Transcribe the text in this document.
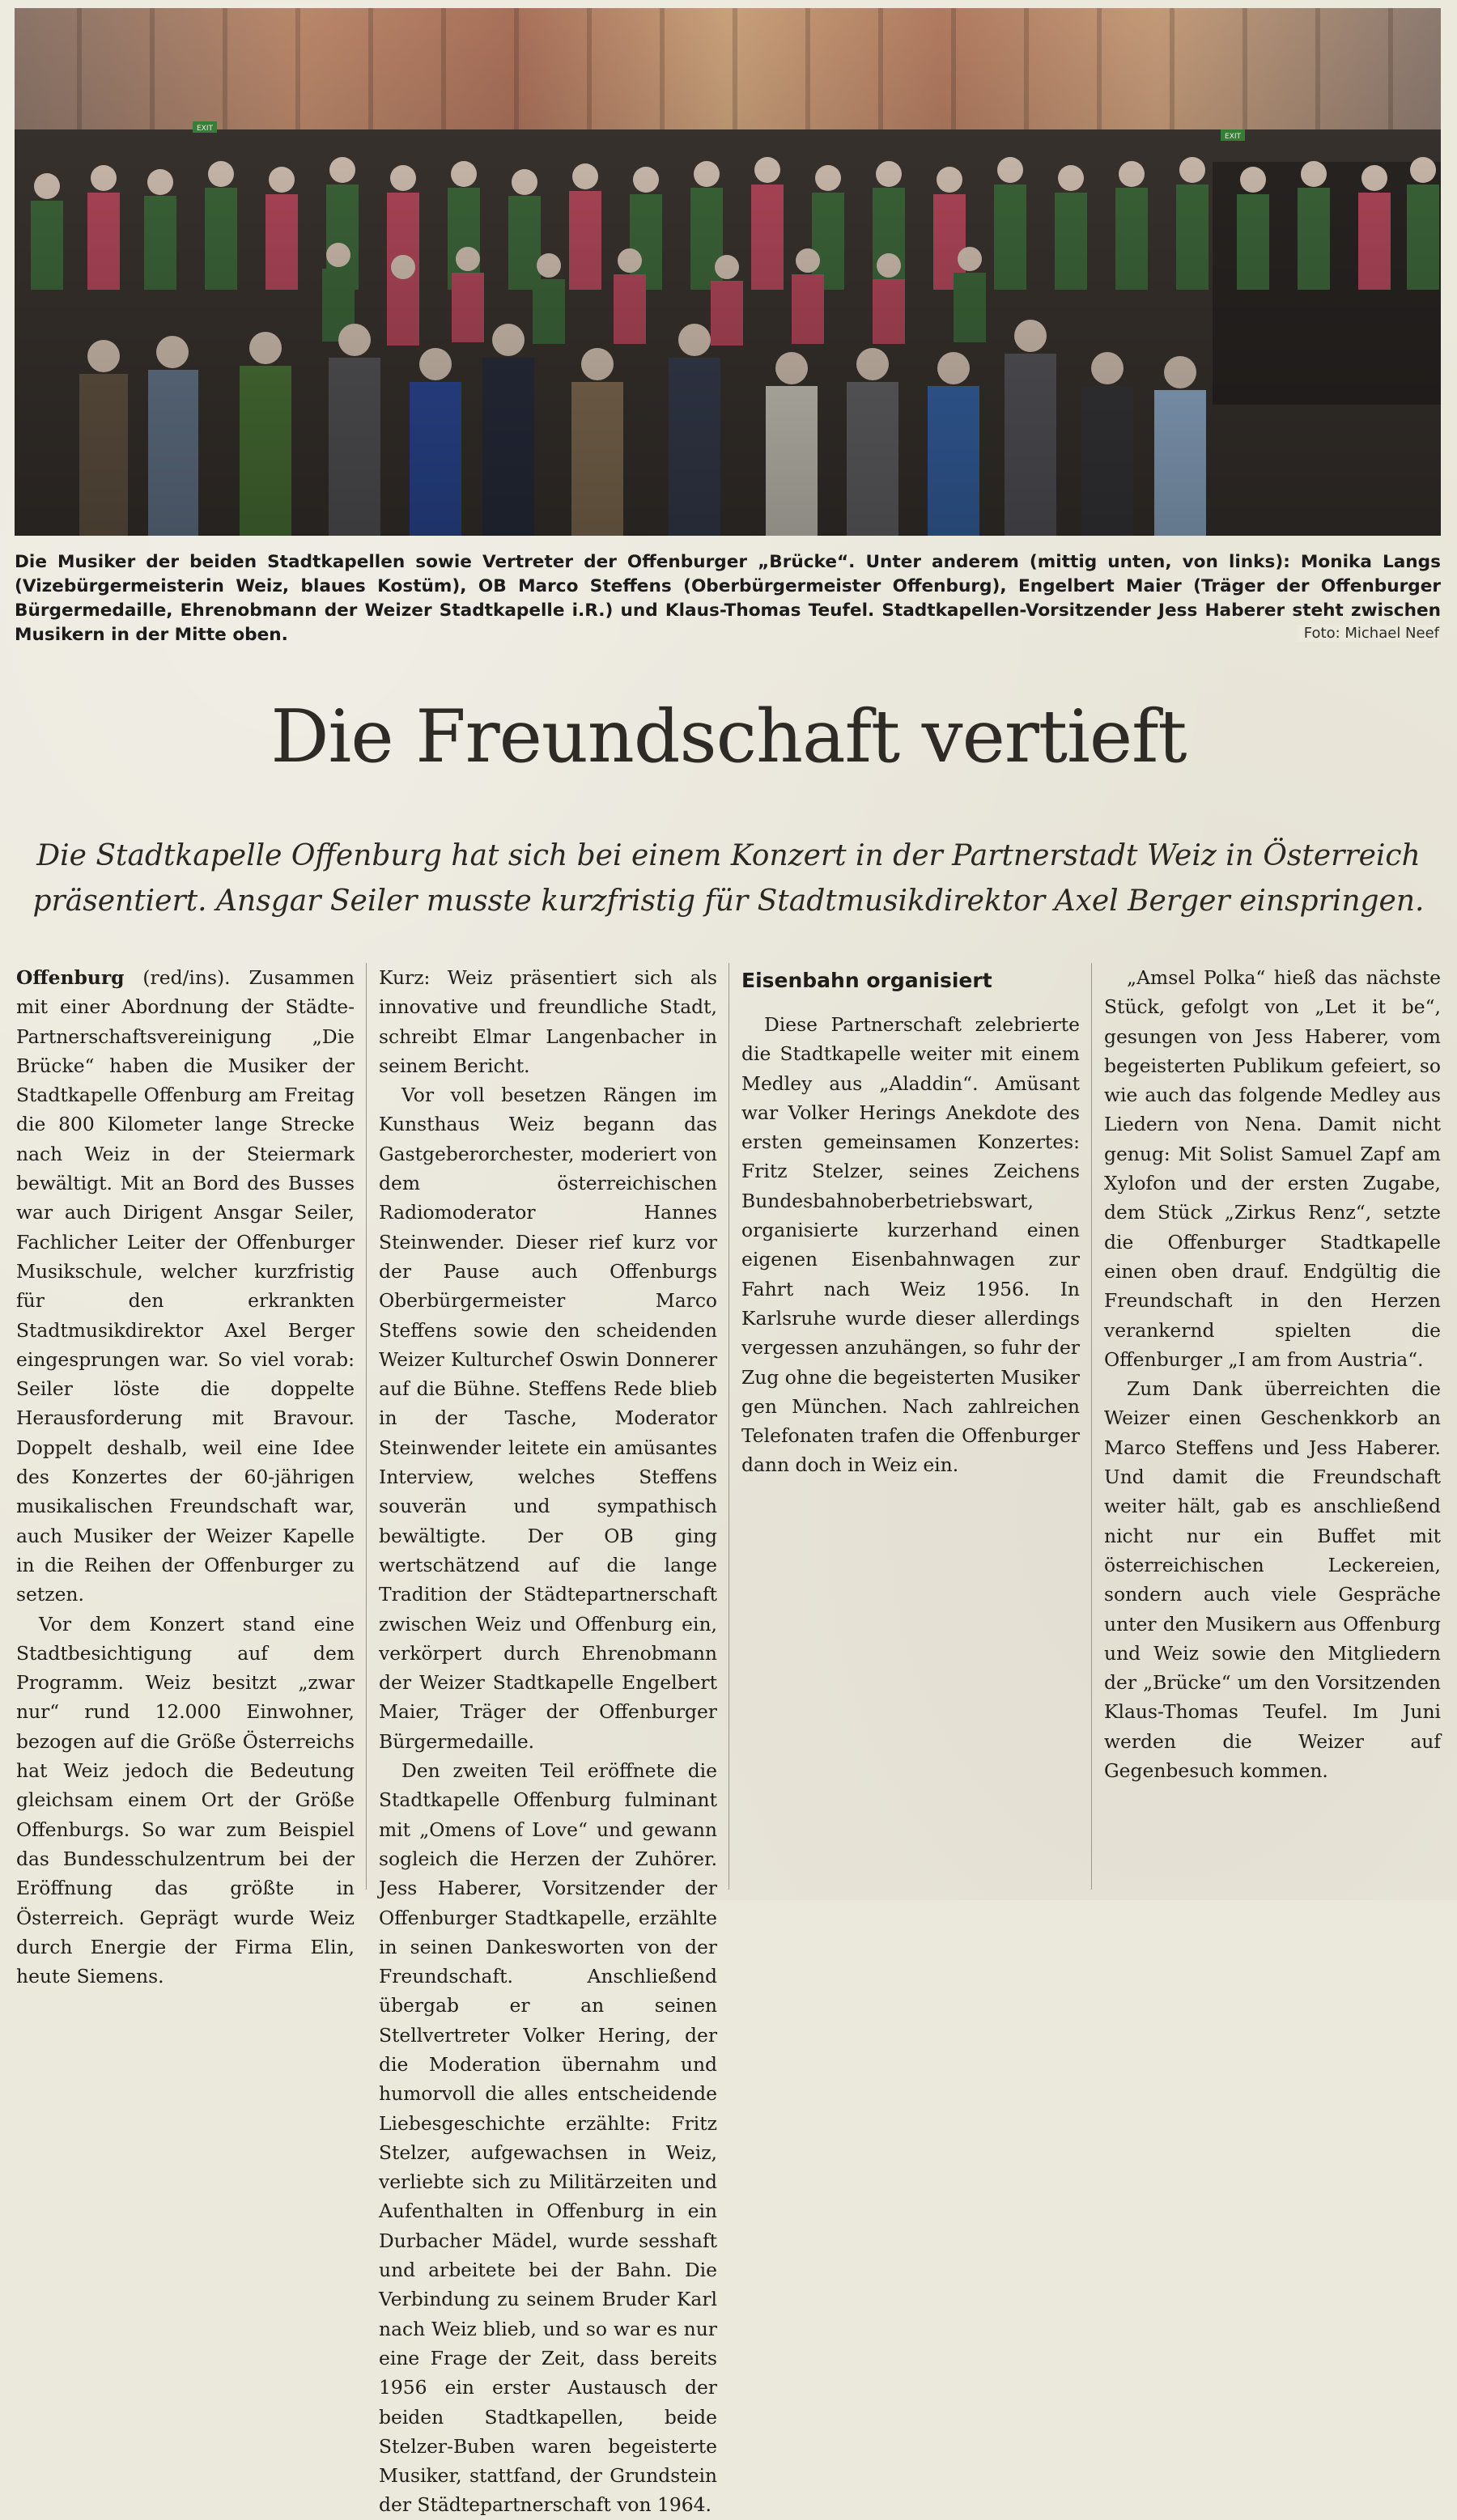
Die Musiker der beiden Stadtkapellen sowie Vertreter der Offenburger „Brücke“. Unter anderem (mittig unten, von links): Monika Langs (Vizebürgermeisterin Weiz, blaues Kostüm), OB Marco Steffens (Oberbürgermeister Offenburg), Engelbert Maier (Träger der Offenburger Bürgermedaille, Ehrenobmann der Weizer Stadtkapelle i.R.) und Klaus-Thomas Teufel. Stadtkapellen-Vorsitzender Jess Haberer steht zwischen Musikern in der Mitte oben.	Foto: Michael Neef
Die Freundschaft vertieft
Die Stadtkapelle Offenburg hat sich bei einem Konzert in der Partnerstadt Weiz in Österreich präsentiert. Ansgar Seiler musste kurzfristig für Stadtmusikdirektor Axel Berger einspringen.

Offenburg (red/ins). Zusammen mit einer Abordnung der Städte-Partnerschaftsvereinigung „Die Brücke“ haben die Musiker der Stadtkapelle Offenburg am Freitag die 800 Kilometer lange Strecke nach Weiz in der Steiermark bewältigt. Mit an Bord des Busses war auch Dirigent Ansgar Seiler, Fachlicher Leiter der Offenburger Musikschule, welcher kurzfristig für den erkrankten Stadtmusikdirektor Axel Berger eingesprungen war. So viel vorab: Seiler löste die doppelte Herausforderung mit Bravour. Doppelt deshalb, weil eine Idee des Konzertes der 60-jährigen musikalischen Freundschaft war, auch Musiker der Weizer Kapelle in die Reihen der Offenburger zu setzen.

Vor dem Konzert stand eine Stadtbesichtigung auf dem Programm. Weiz besitzt „zwar nur“ rund 12.000 Einwohner, bezogen auf die Größe Österreichs hat Weiz jedoch die Bedeutung gleichsam einem Ort der Größe Offenburgs. So war zum Beispiel das Bundesschulzentrum bei der Eröffnung das größte in Österreich. Geprägt wurde Weiz durch Energie der Firma Elin, heute Siemens.

Kurz: Weiz präsentiert sich als innovative und freundliche Stadt, schreibt Elmar Langenbacher in seinem Bericht.

Vor voll besetzen Rängen im Kunsthaus Weiz begann das Gastgeberorchester, moderiert von dem österreichischen Radiomoderator Hannes Steinwender. Dieser rief kurz vor der Pause auch Offenburgs Oberbürgermeister Marco Steffens sowie den scheidenden Weizer Kulturchef Oswin Donnerer auf die Bühne. Steffens Rede blieb in der Tasche, Moderator Steinwender leitete ein amüsantes Interview, welches Steffens souverän und sympathisch bewältigte. Der OB ging wertschätzend auf die lange Tradition der Städtepartnerschaft zwischen Weiz und Offenburg ein, verkörpert durch Ehrenobmann der Weizer Stadtkapelle Engelbert Maier, Träger der Offenburger Bürgermedaille.

Den zweiten Teil eröffnete die Stadtkapelle Offenburg fulminant mit „Omens of Love“ und gewann sogleich die Herzen der Zuhörer. Jess Haberer, Vorsitzender der Offenburger Stadtkapelle, erzählte in seinen Dankesworten von der Freundschaft. Anschließend übergab er an seinen Stellvertreter Volker Hering, der die Moderation übernahm und humorvoll die alles entscheidende Liebesgeschichte erzählte: Fritz Stelzer, aufgewachsen in Weiz, verliebte sich zu Militärzeiten und Aufenthalten in Offenburg in ein Durbacher Mädel, wurde sesshaft und arbeitete bei der Bahn. Die Verbindung zu seinem Bruder Karl nach Weiz blieb, und so war es nur eine Frage der Zeit, dass bereits 1956 ein erster Austausch der beiden Stadtkapellen, beide Stelzer-Buben waren begeisterte Musiker, stattfand, der Grundstein der Städtepartnerschaft von 1964.

Eisenbahn organisiert

Diese Partnerschaft zelebrierte die Stadtkapelle weiter mit einem Medley aus „Aladdin“. Amüsant war Volker Herings Anekdote des ersten gemeinsamen Konzertes: Fritz Stelzer, seines Zeichens Bundesbahnoberbetriebswart, organisierte kurzerhand einen eigenen Eisenbahnwagen zur Fahrt nach Weiz 1956. In Karlsruhe wurde dieser allerdings vergessen anzuhängen, so fuhr der Zug ohne die begeisterten Musiker gen München. Nach zahlreichen Telefonaten trafen die Offenburger dann doch in Weiz ein.

„Amsel Polka“ hieß das nächste Stück, gefolgt von „Let it be“, gesungen von Jess Haberer, vom begeisterten Publikum gefeiert, so wie auch das folgende Medley aus Liedern von Nena. Damit nicht genug: Mit Solist Samuel Zapf am Xylofon und der ersten Zugabe, dem Stück „Zirkus Renz“, setzte die Offenburger Stadtkapelle einen oben drauf. Endgültig die Freundschaft in den Herzen verankernd spielten die Offenburger „I am from Austria“.

Zum Dank überreichten die Weizer einen Geschenkkorb an Marco Steffens und Jess Haberer. Und damit die Freundschaft weiter hält, gab es anschließend nicht nur ein Buffet mit österreichischen Leckereien, sondern auch viele Gespräche unter den Musikern aus Offenburg und Weiz sowie den Mitgliedern der „Brücke“ um den Vorsitzenden Klaus-Thomas Teufel. Im Juni werden die Weizer auf Gegenbesuch kommen.
